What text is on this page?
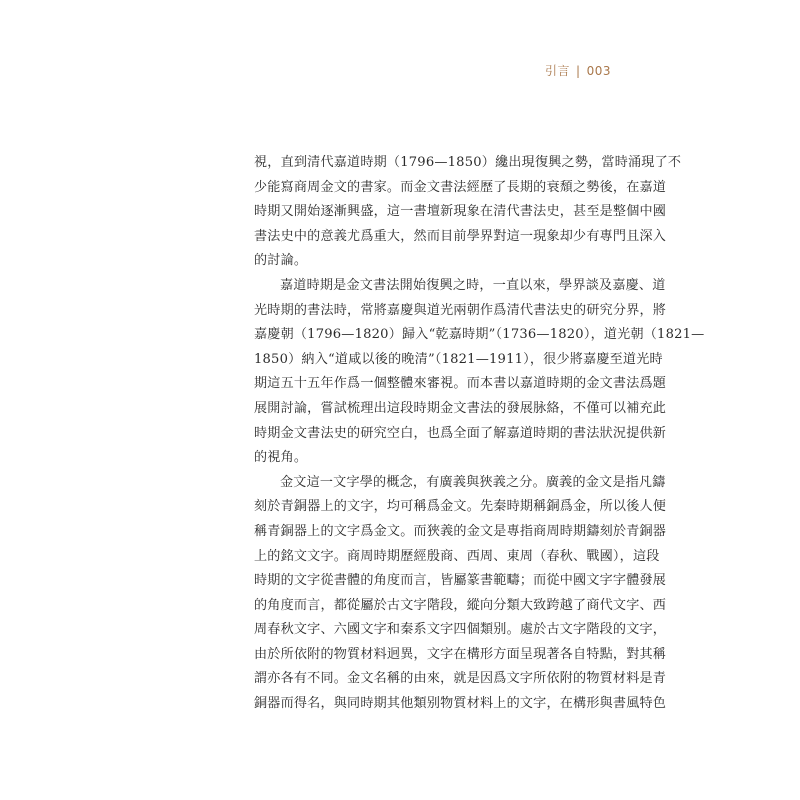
引言 | 003
視，直到清代嘉道時期（1796—1850）纔出現復興之勢，當時涌現了不
少能寫商周金文的書家。而金文書法經歷了長期的衰頹之勢後，在嘉道
時期又開始逐漸興盛，這一書壇新現象在清代書法史，甚至是整個中國
書法史中的意義尤爲重大，然而目前學界對這一現象却少有專門且深入
的討論。
嘉道時期是金文書法開始復興之時，一直以來，學界談及嘉慶、道
光時期的書法時，常將嘉慶與道光兩朝作爲清代書法史的研究分界，將
嘉慶朝（1796—1820）歸入“乾嘉時期”（1736—1820），道光朝（1821—
1850）納入“道咸以後的晚清”（1821—1911），很少將嘉慶至道光時
期這五十五年作爲一個整體來審視。而本書以嘉道時期的金文書法爲題
展開討論，嘗試梳理出這段時期金文書法的發展脉絡，不僅可以補充此
時期金文書法史的研究空白，也爲全面了解嘉道時期的書法狀況提供新
的視角。
金文這一文字學的概念，有廣義與狹義之分。廣義的金文是指凡鑄
刻於青銅器上的文字，均可稱爲金文。先秦時期稱銅爲金，所以後人便
稱青銅器上的文字爲金文。而狹義的金文是專指商周時期鑄刻於青銅器
上的銘文文字。商周時期歷經殷商、西周、東周（春秋、戰國），這段
時期的文字從書體的角度而言，皆屬篆書範疇；而從中國文字字體發展
的角度而言，都從屬於古文字階段，縱向分類大致跨越了商代文字、西
周春秋文字、六國文字和秦系文字四個類别。處於古文字階段的文字，
由於所依附的物質材料迥異，文字在構形方面呈現著各自特點，對其稱
謂亦各有不同。金文名稱的由來，就是因爲文字所依附的物質材料是青
銅器而得名，與同時期其他類别物質材料上的文字，在構形與書風特色
